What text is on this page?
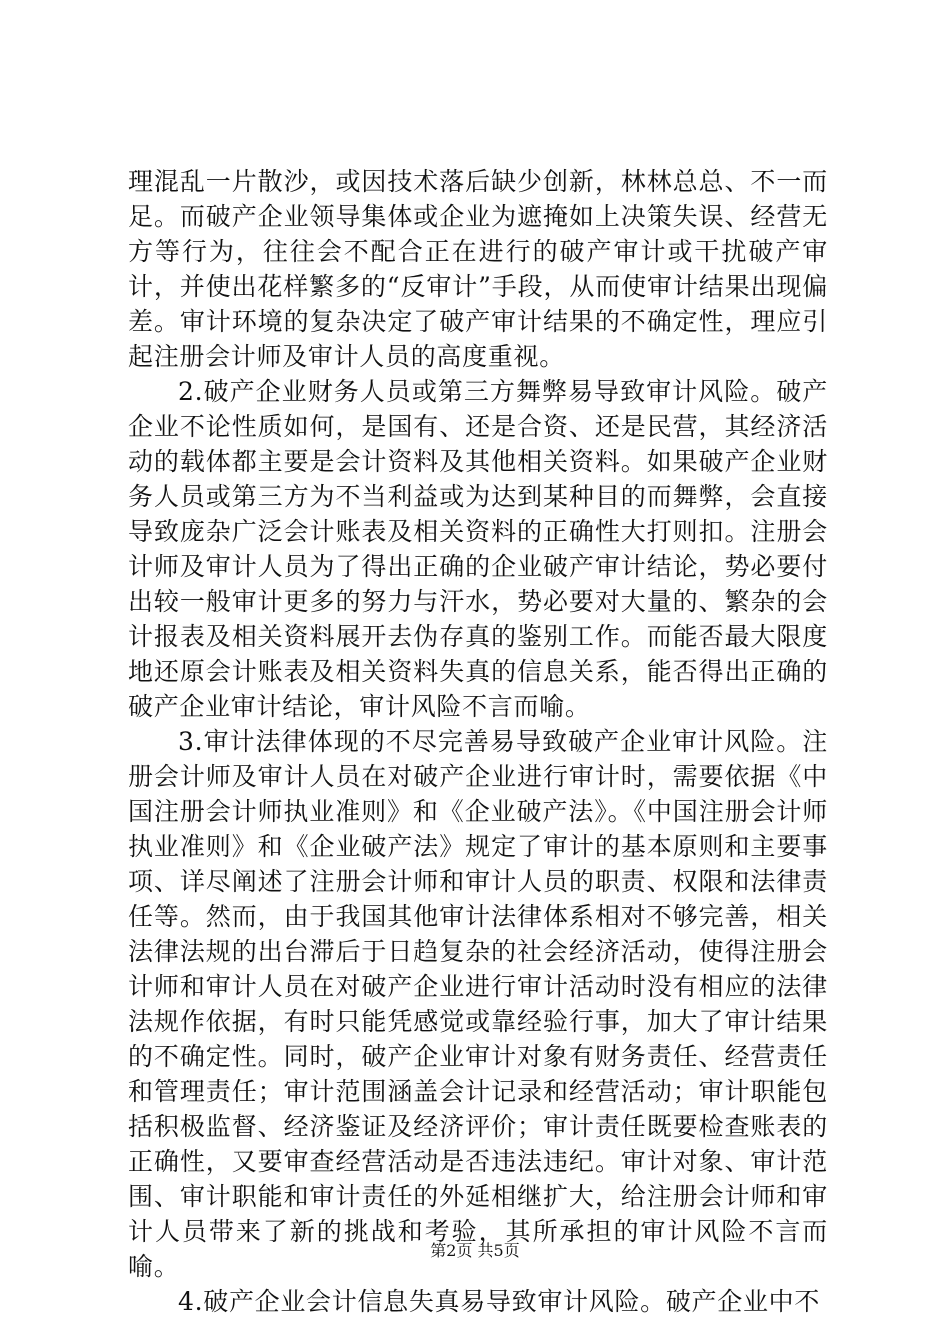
理混乱一片散沙，或因技术落后缺少创新，林林总总、不一而足。而破产企业领导集体或企业为遮掩如上决策失误、经营无方等行为，往往会不配合正在进行的破产审计或干扰破产审计，并使出花样繁多的“反审计”手段，从而使审计结果出现偏差。审计环境的复杂决定了破产审计结果的不确定性，理应引起注册会计师及审计人员的高度重视。

2.破产企业财务人员或第三方舞弊易导致审计风险。破产企业不论性质如何，是国有、还是合资、还是民营，其经济活动的载体都主要是会计资料及其他相关资料。如果破产企业财务人员或第三方为不当利益或为达到某种目的而舞弊，会直接导致庞杂广泛会计账表及相关资料的正确性大打则扣。注册会计师及审计人员为了得出正确的企业破产审计结论，势必要付出较一般审计更多的努力与汗水，势必要对大量的、繁杂的会计报表及相关资料展开去伪存真的鉴别工作。而能否最大限度地还原会计账表及相关资料失真的信息关系，能否得出正确的破产企业审计结论，审计风险不言而喻。

3.审计法律体现的不尽完善易导致破产企业审计风险。注册会计师及审计人员在对破产企业进行审计时，需要依据《中国注册会计师执业准则》和《企业破产法》。《中国注册会计师执业准则》和《企业破产法》规定了审计的基本原则和主要事项、详尽阐述了注册会计师和审计人员的职责、权限和法律责任等。然而，由于我国其他审计法律体系相对不够完善，相关法律法规的出台滞后于日趋复杂的社会经济活动，使得注册会计师和审计人员在对破产企业进行审计活动时没有相应的法律法规作依据，有时只能凭感觉或靠经验行事，加大了审计结果的不确定性。同时，破产企业审计对象有财务责任、经营责任和管理责任；审计范围涵盖会计记录和经营活动；审计职能包括积极监督、经济鉴证及经济评价；审计责任既要检查账表的正确性，又要审查经营活动是否违法违纪。审计对象、审计范围、审计职能和审计责任的外延相继扩大，给注册会计师和审计人员带来了新的挑战和考验，其所承担的审计风险不言而喻。

4.破产企业会计信息失真易导致审计风险。破产企业中不

第2页 共5页
